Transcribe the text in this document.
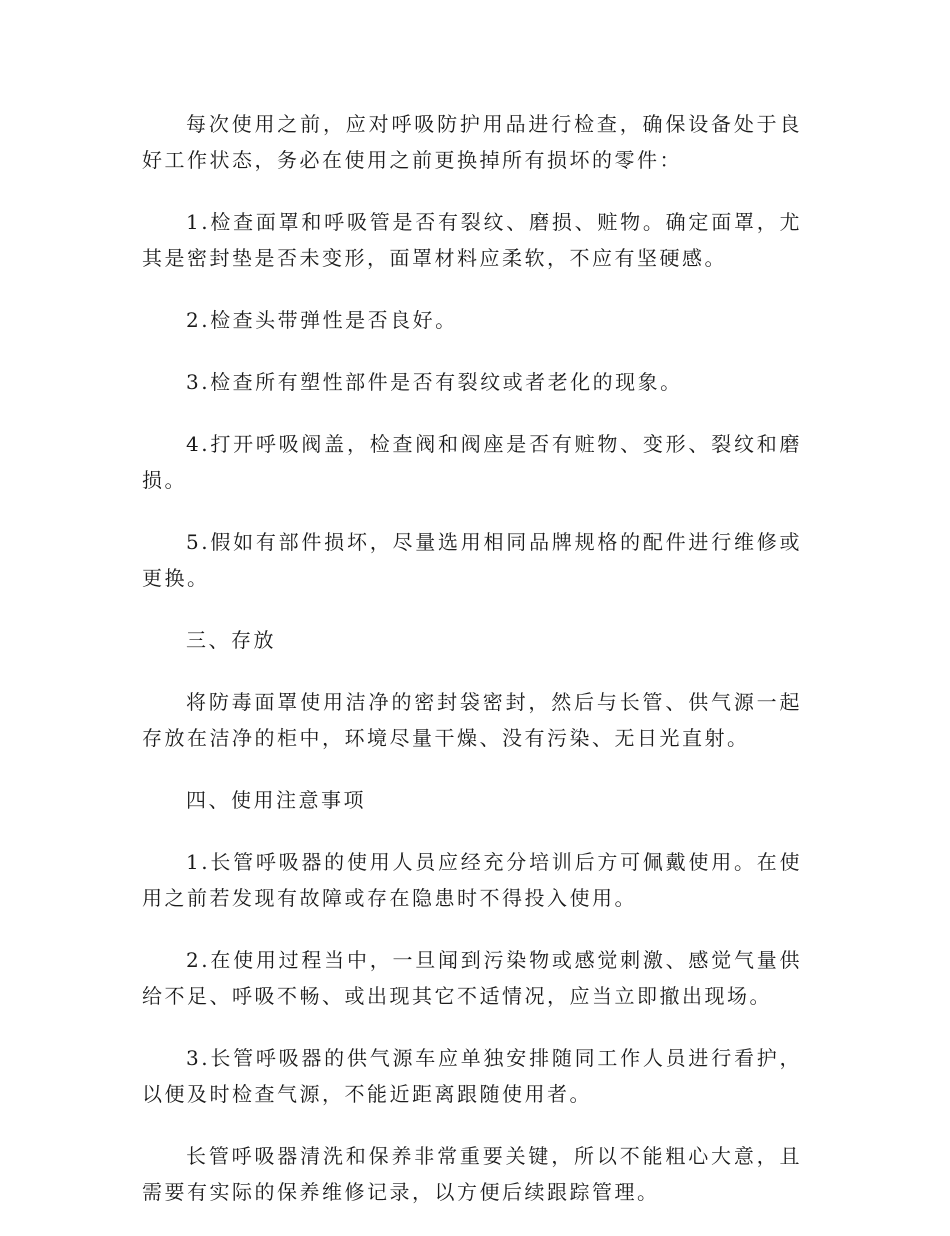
每次使用之前，应对呼吸防护用品进行检查，确保设备处于良好工作状态，务必在使用之前更换掉所有损坏的零件：

1.检查面罩和呼吸管是否有裂纹、磨损、赃物。确定面罩，尤其是密封垫是否未变形，面罩材料应柔软，不应有坚硬感。

2.检查头带弹性是否良好。

3.检查所有塑性部件是否有裂纹或者老化的现象。

4.打开呼吸阀盖，检查阀和阀座是否有赃物、变形、裂纹和磨损。

5.假如有部件损坏，尽量选用相同品牌规格的配件进行维修或更换。

三、存放

将防毒面罩使用洁净的密封袋密封，然后与长管、供气源一起存放在洁净的柜中，环境尽量干燥、没有污染、无日光直射。

四、使用注意事项

1.长管呼吸器的使用人员应经充分培训后方可佩戴使用。在使用之前若发现有故障或存在隐患时不得投入使用。

2.在使用过程当中，一旦闻到污染物或感觉刺激、感觉气量供给不足、呼吸不畅、或出现其它不适情况，应当立即撤出现场。

3.长管呼吸器的供气源车应单独安排随同工作人员进行看护，以便及时检查气源，不能近距离跟随使用者。

长管呼吸器清洗和保养非常重要关键，所以不能粗心大意，且需要有实际的保养维修记录，以方便后续跟踪管理。
